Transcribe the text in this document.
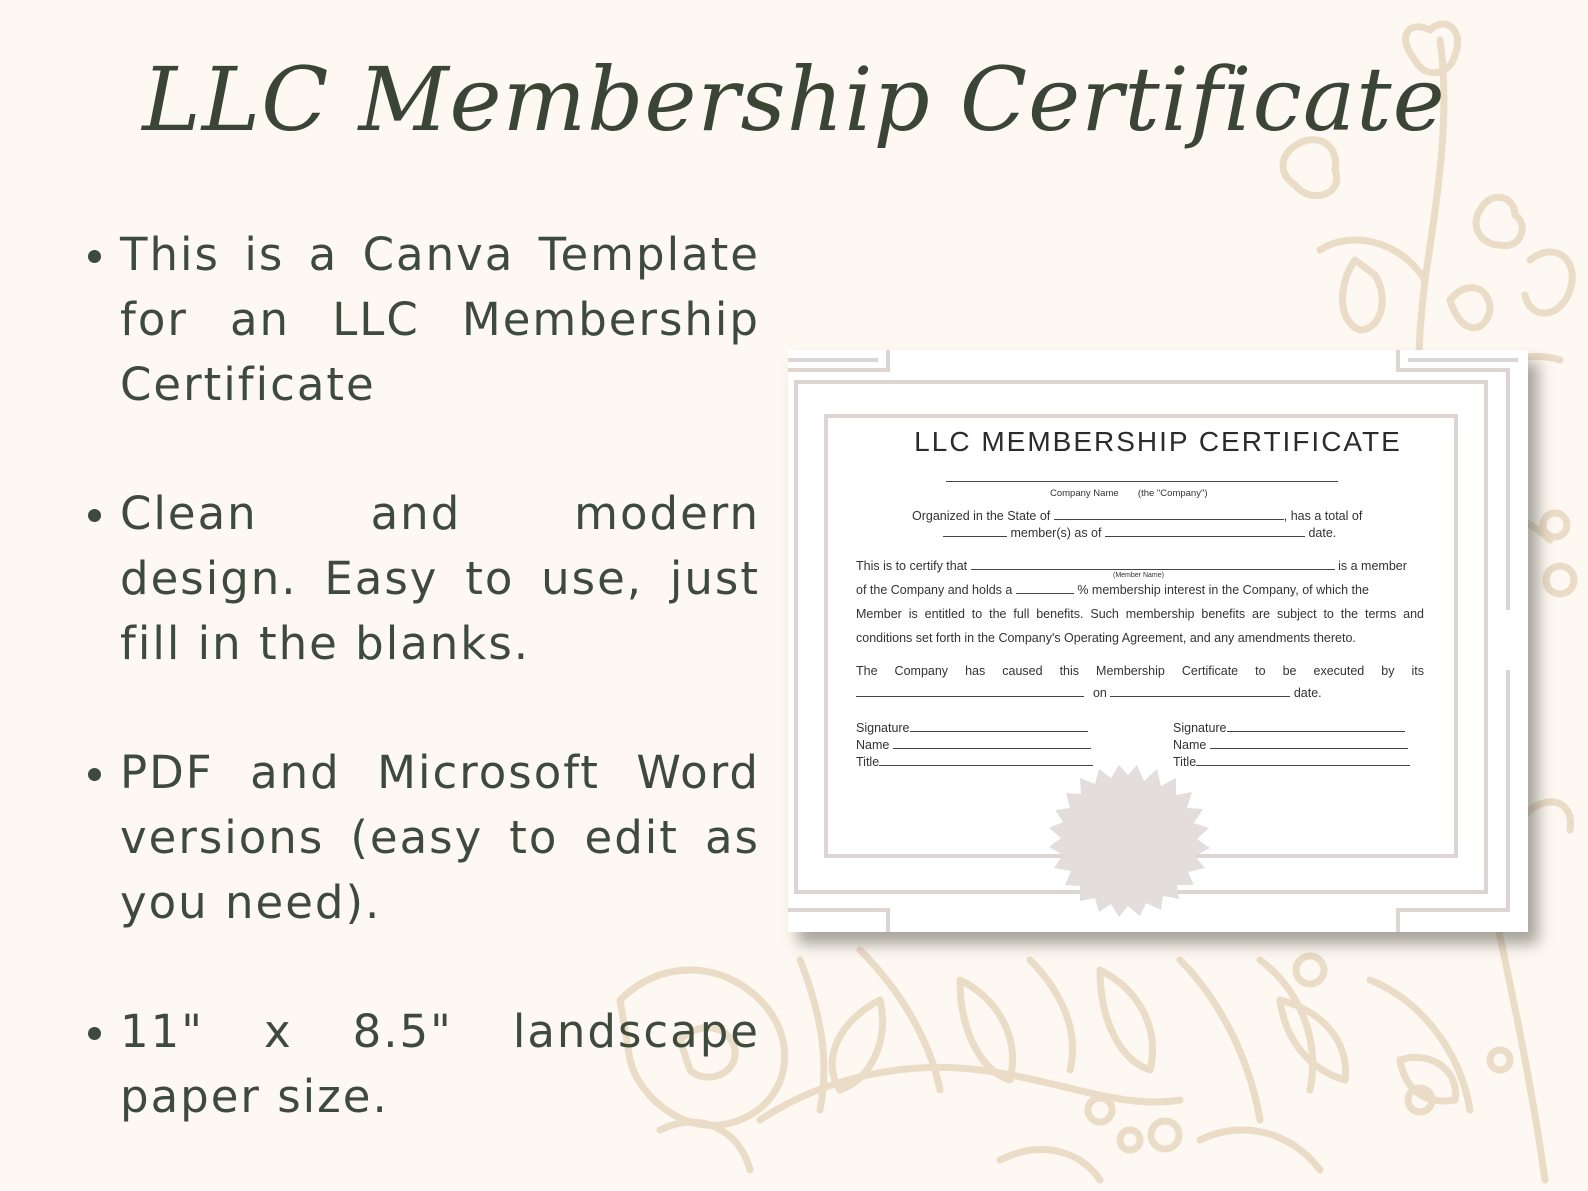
LLC Membership Certificate
This is a Canva Template for an LLC Membership Certificate
Clean and modern design. Easy to use, just fill in the blanks.
PDF and Microsoft Word versions (easy to edit as you need).
11" x 8.5" landscape paper size.
LLC MEMBERSHIP CERTIFICATE
Company Name (the "Company")
Organized in the State of	, has a total of
member(s) as of	date.
This is to certify that	is a member
(Member Name)
of the Company and holds a	% membership interest in the Company, of which the
Member is entitled to the full benefits. Such membership benefits are subject to the terms and conditions set forth in the Company's Operating Agreement, and any amendments thereto.
The Company has caused this Membership Certificate to be executed by its
on	date.
Signature
Name
Title
Signature
Name
Title
